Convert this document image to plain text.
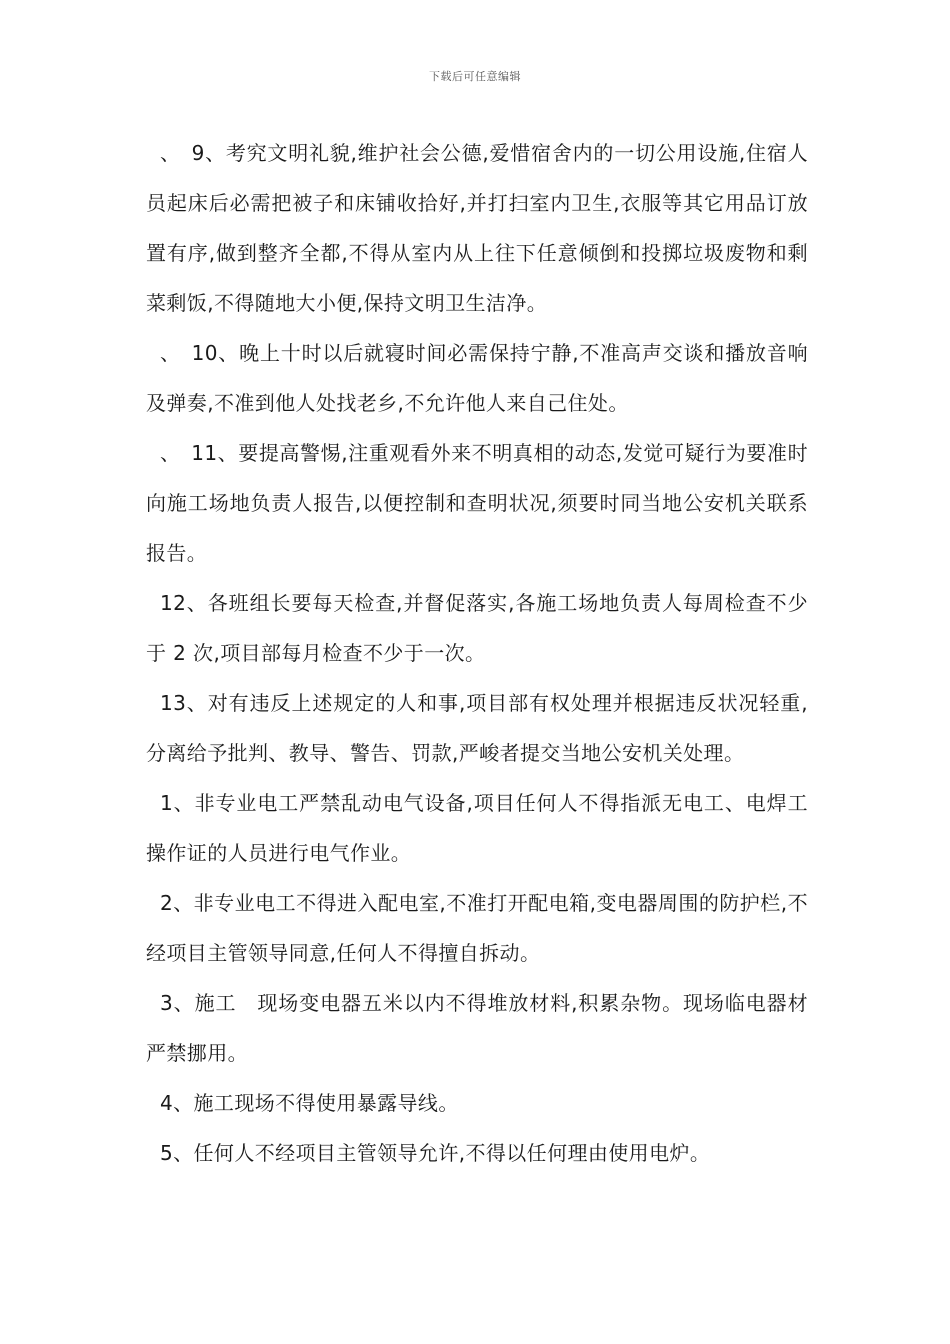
下载后可任意编辑

、　9、考究文明礼貌,维护社会公德,爱惜宿舍内的一切公用设施,住宿人员起床后必需把被子和床铺收拾好,并打扫室内卫生,衣服等其它用品订放置有序,做到整齐全都,不得从室内从上往下任意倾倒和投掷垃圾废物和剩菜剩饭,不得随地大小便,保持文明卫生洁净。

、　10、晚上十时以后就寝时间必需保持宁静,不准高声交谈和播放音响及弹奏,不准到他人处找老乡,不允许他人来自己住处。

、　11、要提高警惕,注重观看外来不明真相的动态,发觉可疑行为要准时向施工场地负责人报告,以便控制和查明状况,须要时同当地公安机关联系报告。

12、各班组长要每天检查,并督促落实,各施工场地负责人每周检查不少于 2 次,项目部每月检查不少于一次。

13、对有违反上述规定的人和事,项目部有权处理并根据违反状况轻重,分离给予批判、教导、警告、罚款,严峻者提交当地公安机关处理。

1、非专业电工严禁乱动电气设备,项目任何人不得指派无电工、电焊工操作证的人员进行电气作业。

2、非专业电工不得进入配电室,不准打开配电箱,变电器周围的防护栏,不经项目主管领导同意,任何人不得擅自拆动。

3、施工　现场变电器五米以内不得堆放材料,积累杂物。现场临电器材严禁挪用。

4、施工现场不得使用暴露导线。

5、任何人不经项目主管领导允许,不得以任何理由使用电炉。
